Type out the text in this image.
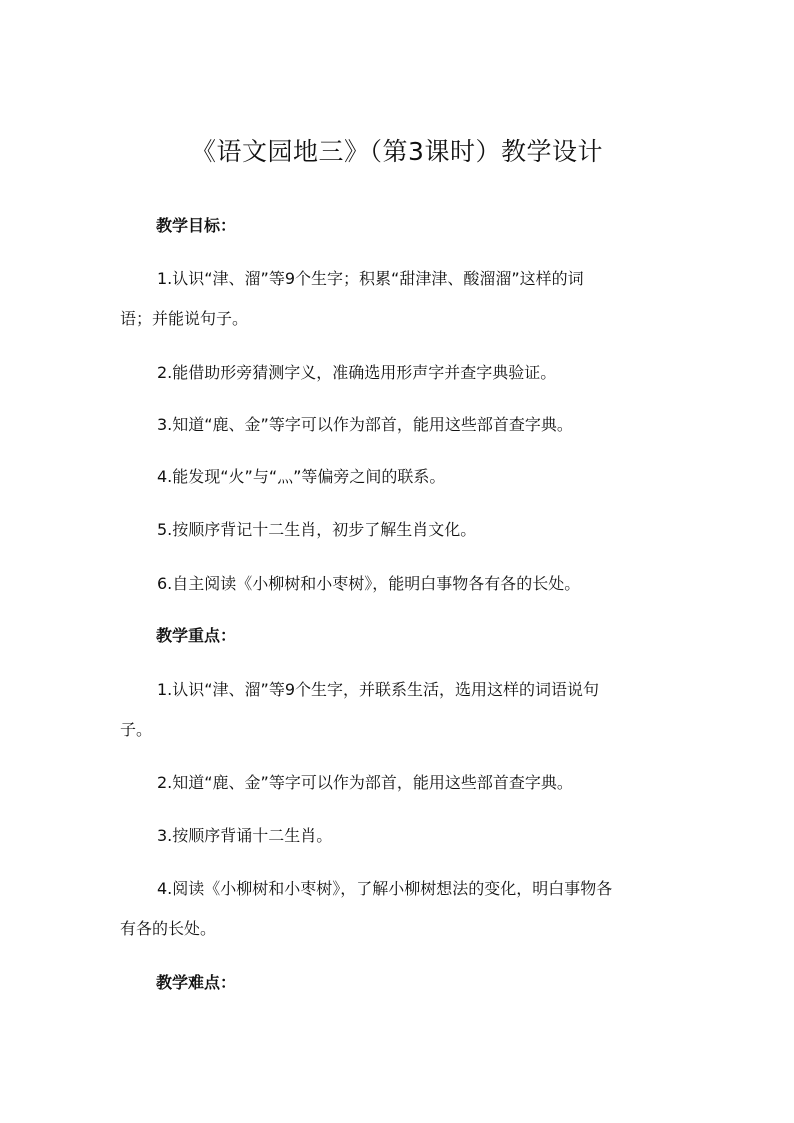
《语文园地三》（第3课时）教学设计
教学目标：
1.认识“津、溜”等9个生字；积累“甜津津、酸溜溜”这样的词
语；并能说句子。
2.能借助形旁猜测字义，准确选用形声字并查字典验证。
3.知道“鹿、金”等字可以作为部首，能用这些部首查字典。
4.能发现“火”与“灬”等偏旁之间的联系。
5.按顺序背记十二生肖，初步了解生肖文化。
6.自主阅读《小柳树和小枣树》，能明白事物各有各的长处。
教学重点：
1.认识“津、溜”等9个生字，并联系生活，选用这样的词语说句
子。
2.知道“鹿、金”等字可以作为部首，能用这些部首查字典。
3.按顺序背诵十二生肖。
4.阅读《小柳树和小枣树》，了解小柳树想法的变化，明白事物各
有各的长处。
教学难点：
